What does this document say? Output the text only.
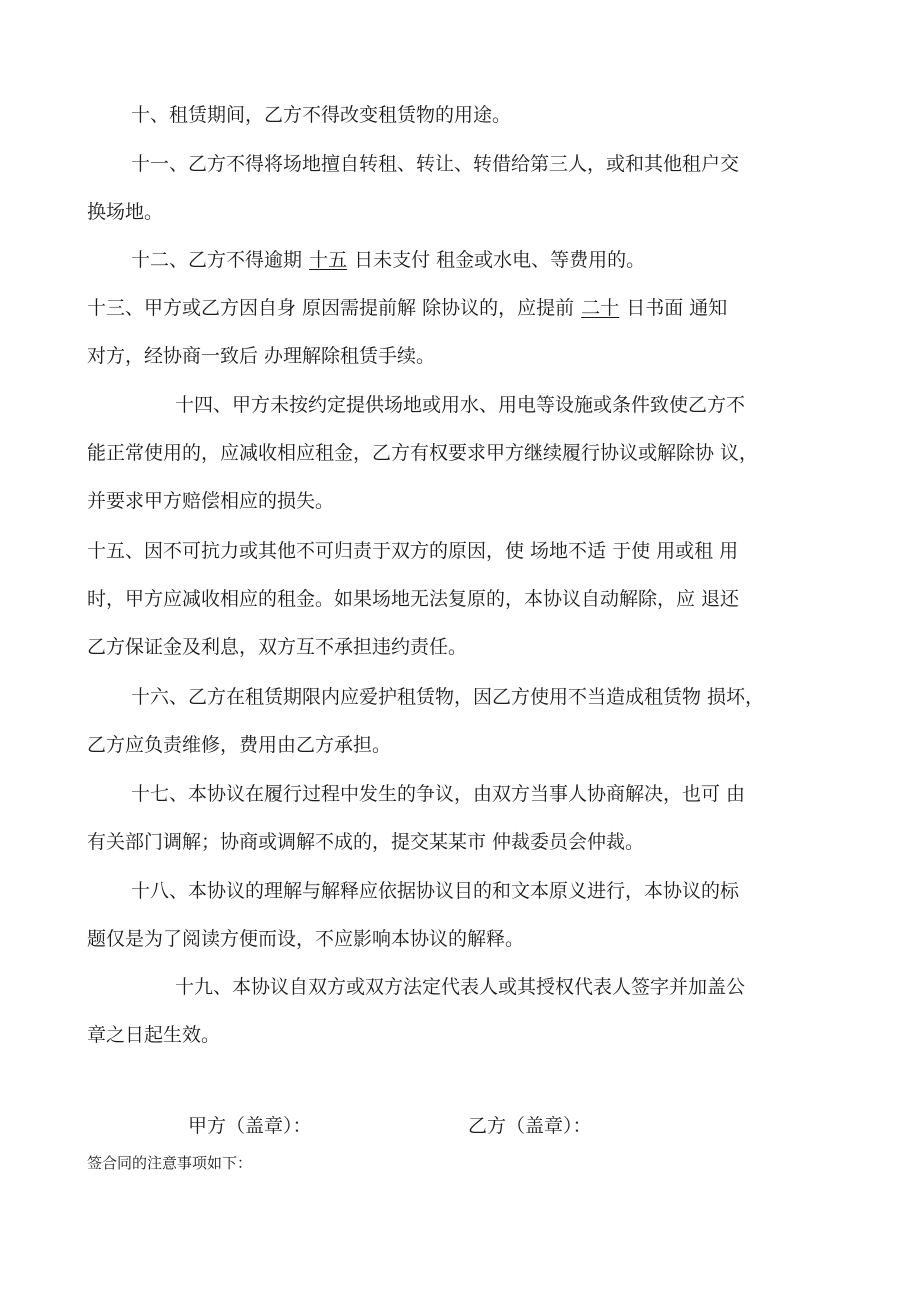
十、租赁期间，乙方不得改变租赁物的用途。
十一、乙方不得将场地擅自转租、转让、转借给第三人，或和其他租户交
换场地。
十二、乙方不得逾期 十五 日未支付 租金或水电、等费用的。
十三、甲方或乙方因自身 原因需提前解 除协议的，应提前 二十 日书面 通知
对方，经协商一致后 办理解除租赁手续。
十四、甲方未按约定提供场地或用水、用电等设施或条件致使乙方不
能正常使用的，应减收相应租金，乙方有权要求甲方继续履行协议或解除协 议，
并要求甲方赔偿相应的损失。
十五、因不可抗力或其他不可归责于双方的原因，使 场地不适 于使 用或租 用
时，甲方应减收相应的租金。如果场地无法复原的，本协议自动解除，应 退还
乙方保证金及利息，双方互不承担违约责任。
十六、乙方在租赁期限内应爱护租赁物，因乙方使用不当造成租赁物 损坏，
乙方应负责维修，费用由乙方承担。
十七、本协议在履行过程中发生的争议，由双方当事人协商解决，也可 由
有关部门调解；协商或调解不成的，提交某某市 仲裁委员会仲裁。
十八、本协议的理解与解释应依据协议目的和文本原义进行，本协议的标
题仅是为了阅读方便而设，不应影响本协议的解释。
十九、本协议自双方或双方法定代表人或其授权代表人签字并加盖公
章之日起生效。
甲方（盖章）：	乙方（盖章）：
签合同的注意事项如下：
